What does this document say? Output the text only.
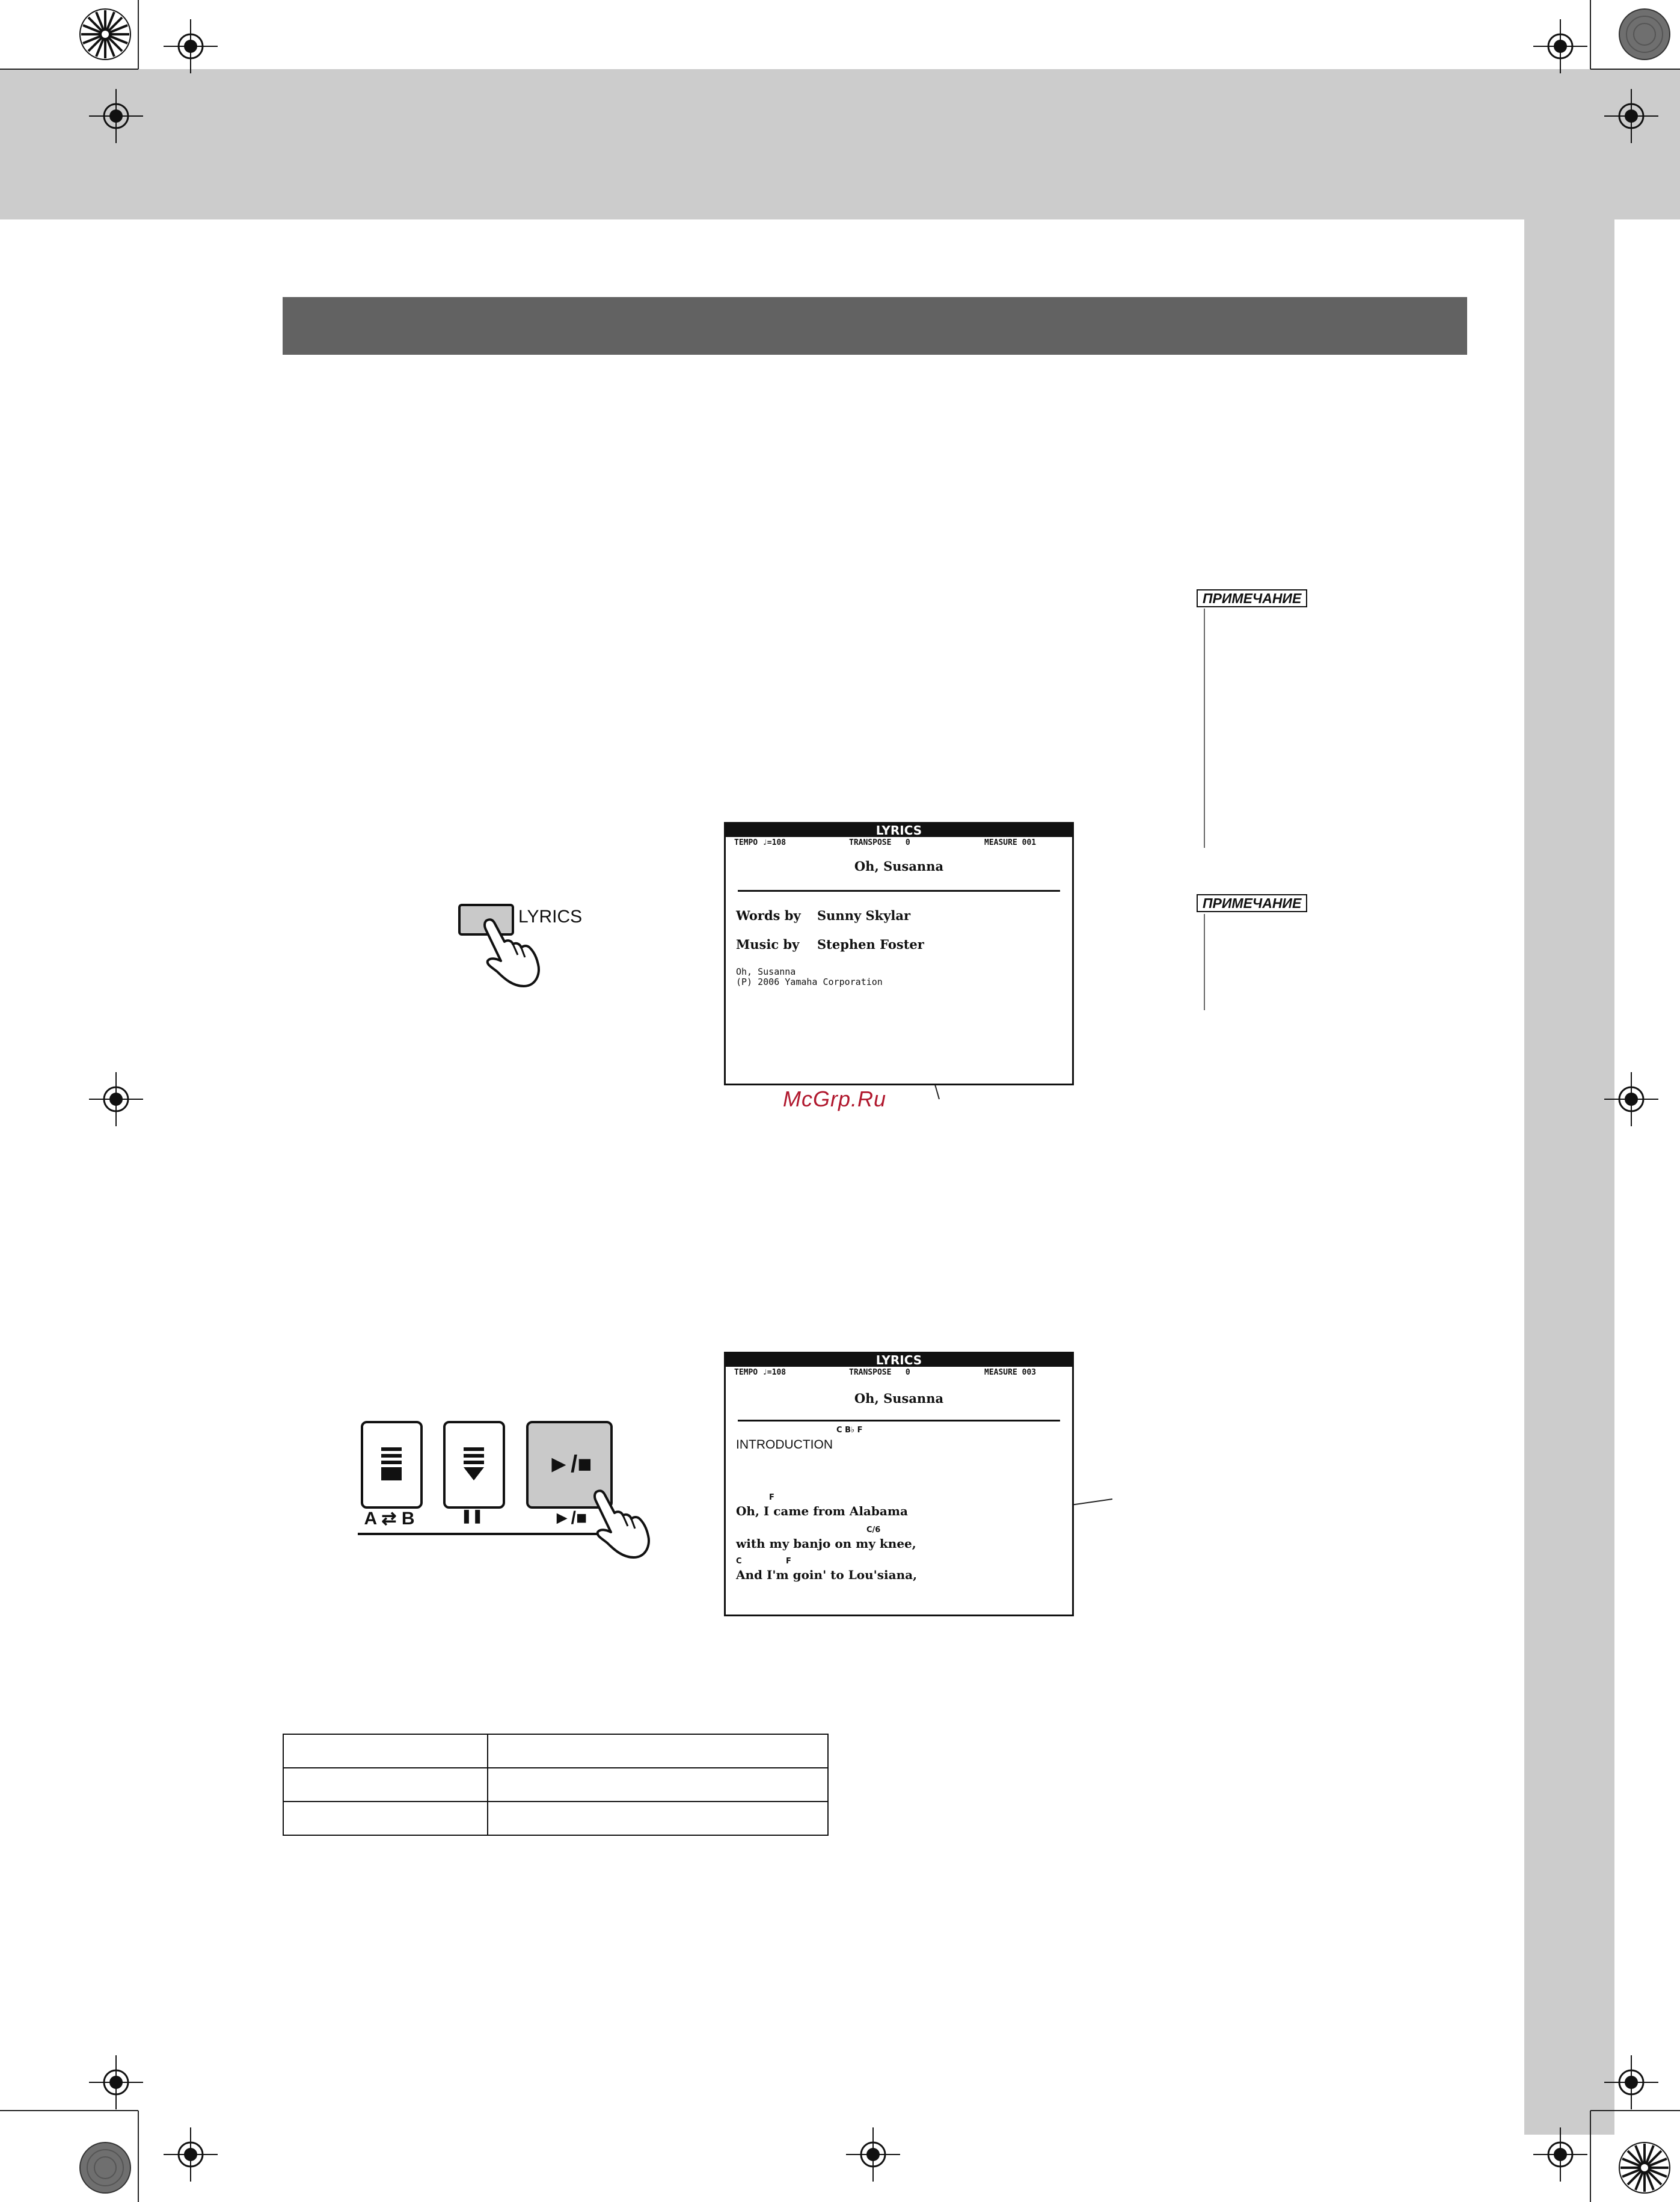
ПРИМЕЧАНИЕ
ПРИМЕЧАНИЕ
LYRICS
LYRICS
TEMPO ♩=108	TRANSPOSE   0	MEASURE 001
Oh, Susanna
Words by Sunny Skylar
Music by Stephen Foster
Oh, Susanna
(P) 2006 Yamaha Corporation
McGrp.Ru
►/■
A ⇄ B	❚❚	►/■
LYRICS
TEMPO ♩=108	TRANSPOSE   0	MEASURE 003
Oh, Susanna
C B♭ F
INTRODUCTION
F
Oh, I came from Alabama
C/6
with my banjo on my knee,
C	F
And I'm goin' to Lou'siana,
